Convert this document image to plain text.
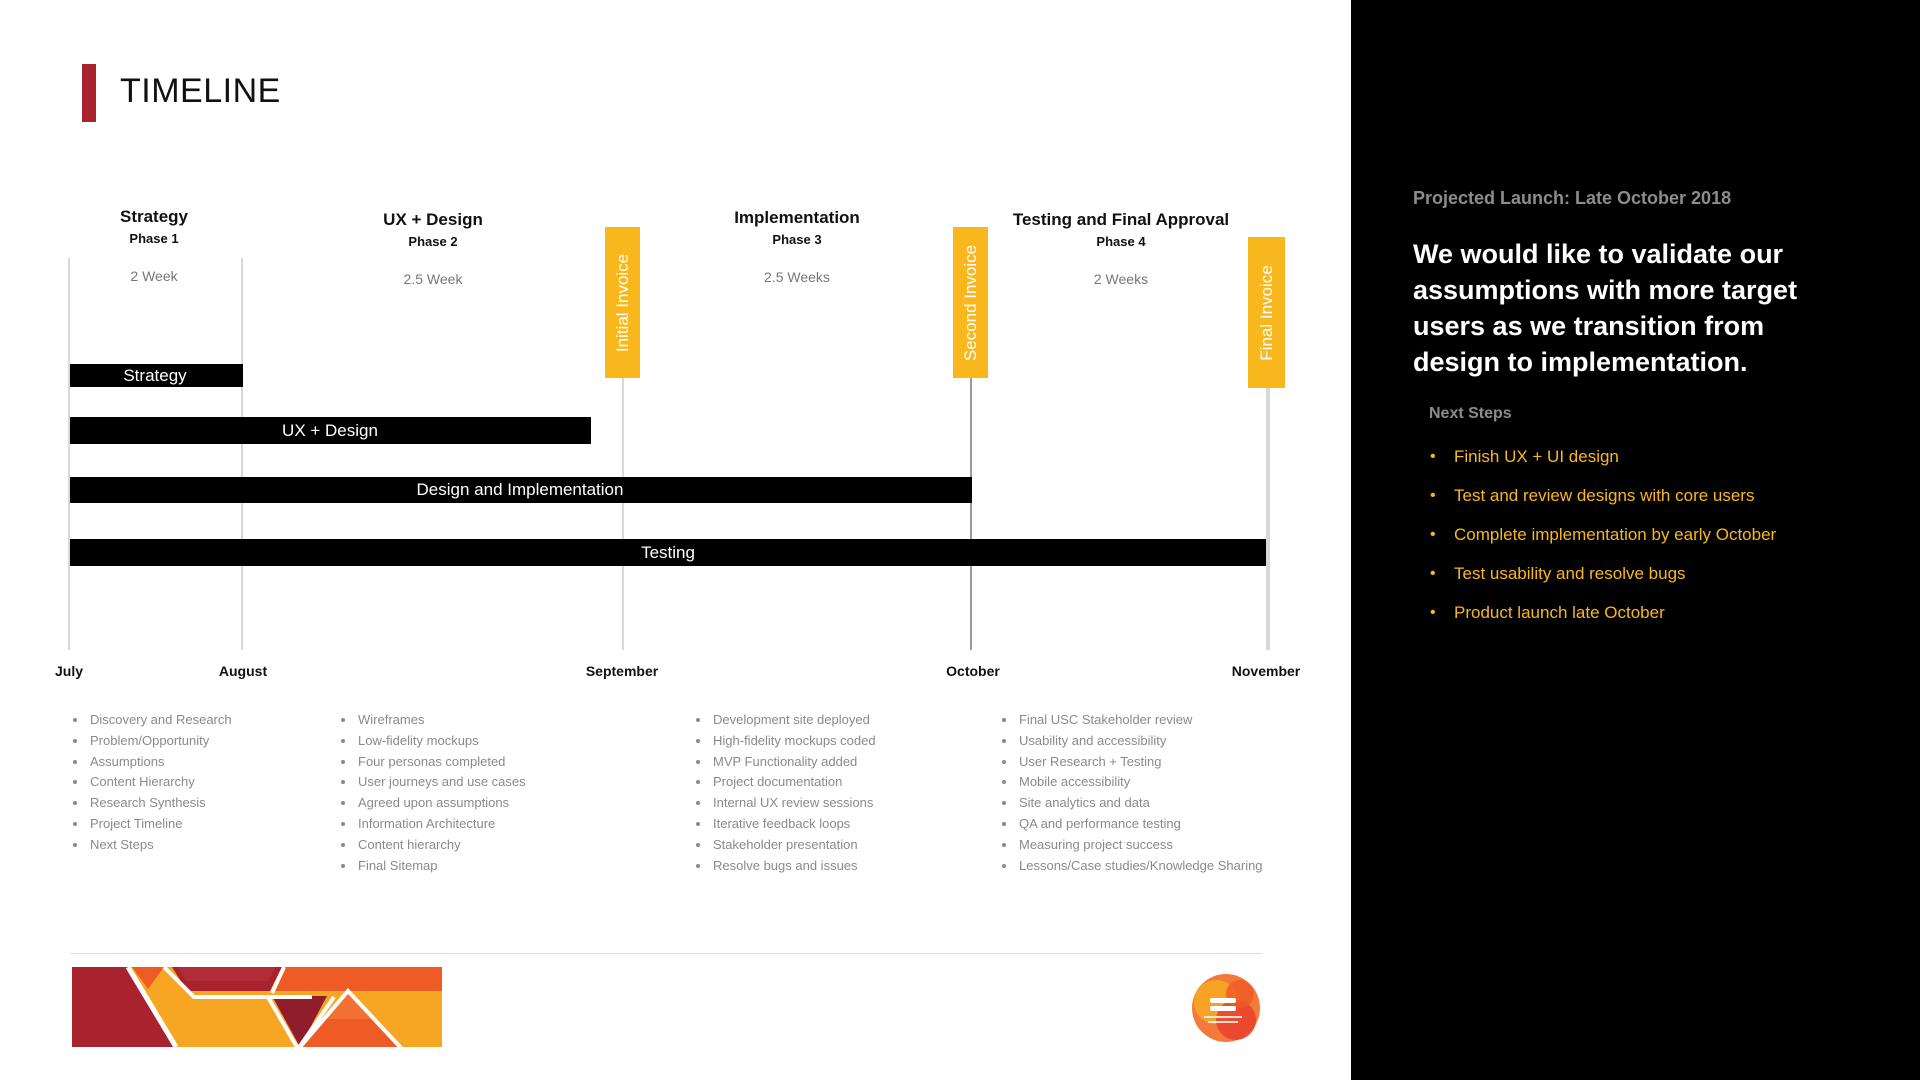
TIMELINE
Strategy
Phase 1
2 Week
UX + Design
Phase 2
2.5 Week
Implementation
Phase 3
2.5 Weeks
Testing and Final Approval
Phase 4
2 Weeks
Initial Invoice	Second Invoice	Final Invoice
Strategy
UX + Design
Design and Implementation
Testing
July	August	September	October	November
• Discovery and Research
• Problem/Opportunity
• Assumptions
• Content Hierarchy
• Research Synthesis
• Project Timeline
• Next Steps
• Wireframes
• Low-fidelity mockups
• Four personas completed
• User journeys and use cases
• Agreed upon assumptions
• Information Architecture
• Content hierarchy
• Final Sitemap
• Development site deployed
• High-fidelity mockups coded
• MVP Functionality added
• Project documentation
• Internal UX review sessions
• Iterative feedback loops
• Stakeholder presentation
• Resolve bugs and issues
• Final USC Stakeholder review
• Usability and accessibility
• User Research + Testing
• Mobile accessibility
• Site analytics and data
• QA and performance testing
• Measuring project success
• Lessons/Case studies/Knowledge Sharing
Projected Launch: Late October 2018
We would like to validate our assumptions with more target users as we transition from design to implementation.
Next Steps
• Finish UX + UI design
• Test and review designs with core users
• Complete implementation by early October
• Test usability and resolve bugs
• Product launch late October
